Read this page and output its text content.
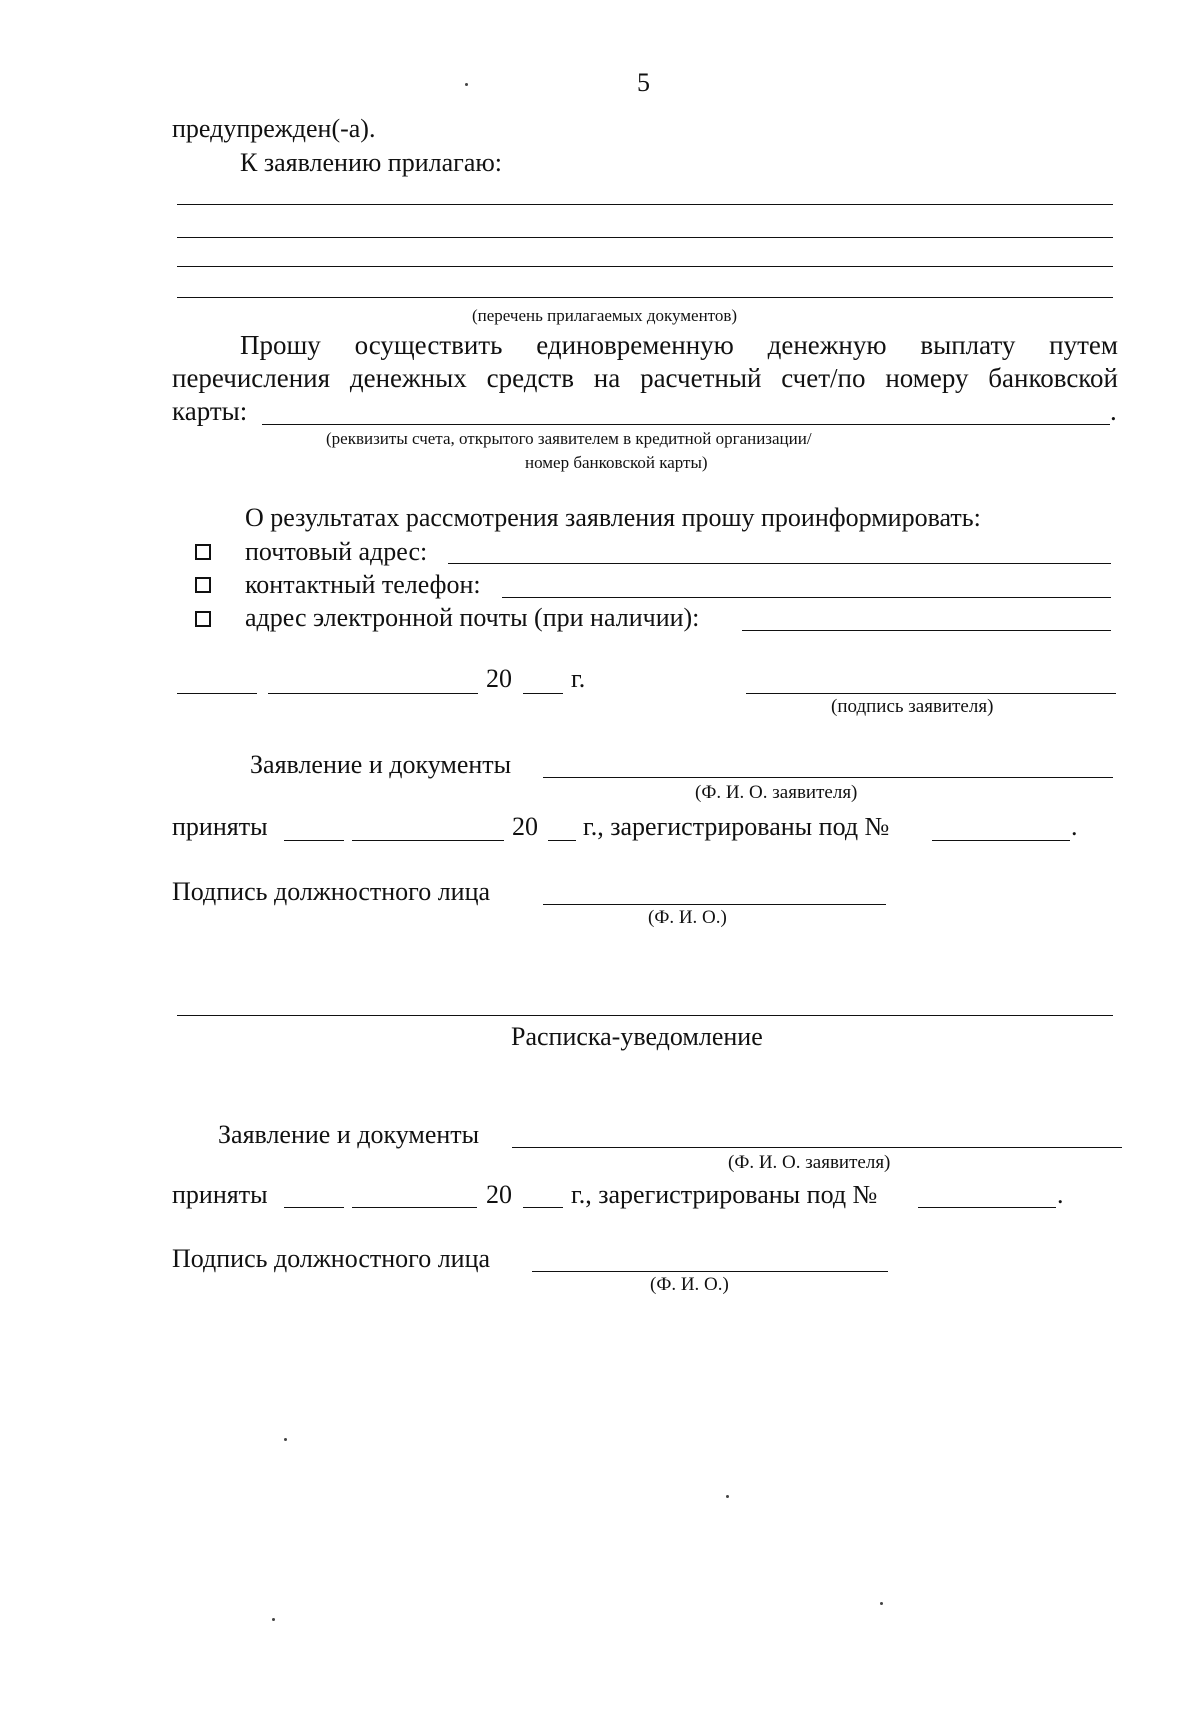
5
предупрежден(-а).
К заявлению прилагаю:
(перечень прилагаемых документов)
Прошу осуществить единовременную денежную выплату путем
перечисления денежных средств на расчетный счет/по номеру банковской
карты:	.
(реквизиты счета, открытого заявителем в кредитной организации/
номер банковской карты)
О результатах рассмотрения заявления прошу проинформировать:
почтовый адрес:
контактный телефон:
адрес электронной почты (при наличии):
20 г.
(подпись заявителя)
Заявление и документы
(Ф. И. О. заявителя)
приняты	20 г., зарегистрированы под №	.
Подпись должностного лица
(Ф. И. О.)
Расписка-уведомление
Заявление и документы
(Ф. И. О. заявителя)
приняты	20 г., зарегистрированы под №	.
Подпись должностного лица
(Ф. И. О.)
